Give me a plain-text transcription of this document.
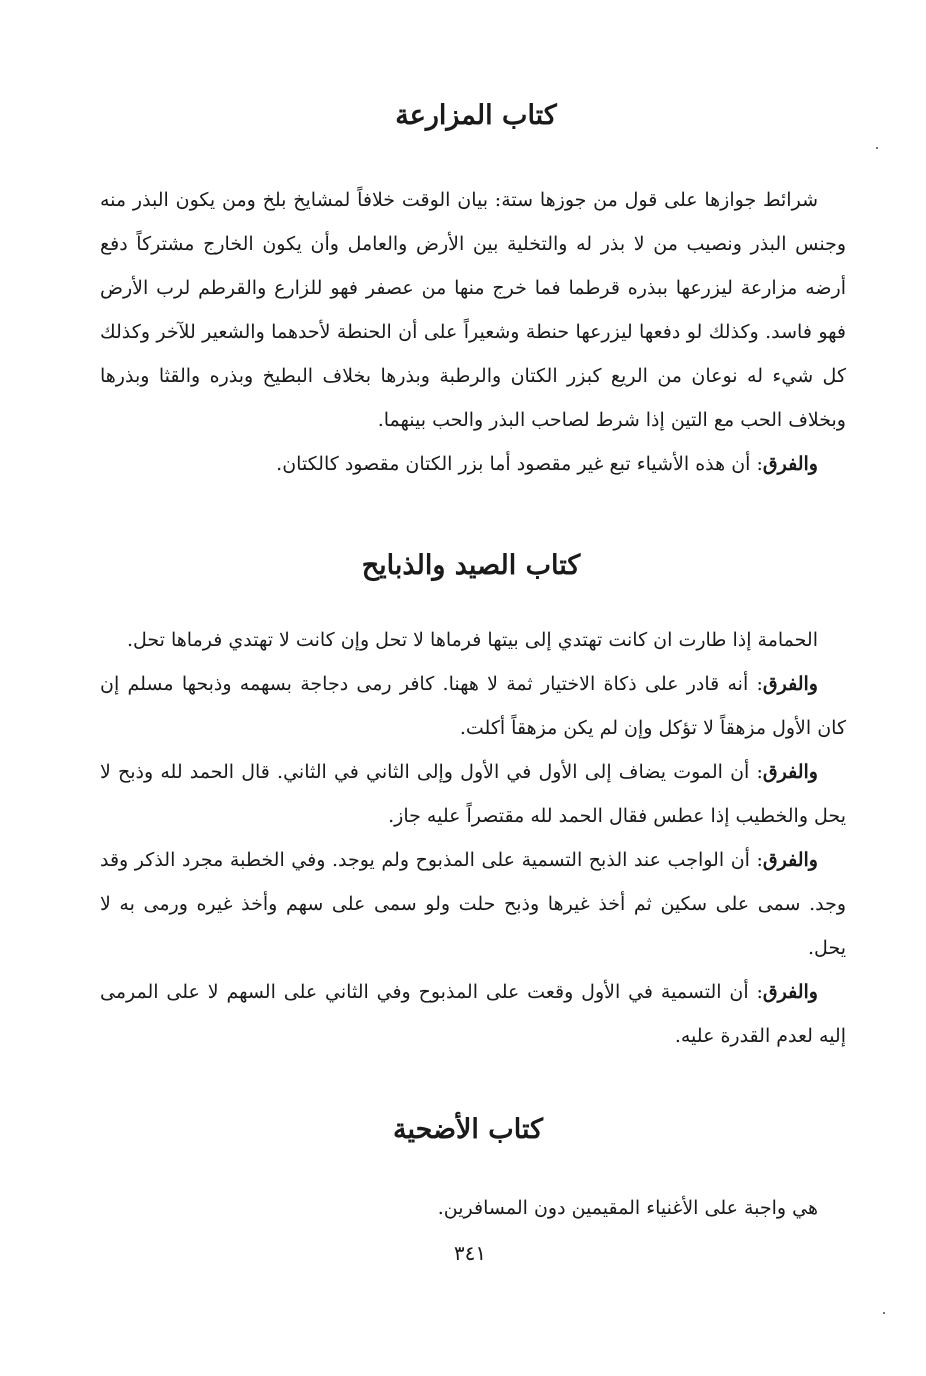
كتاب المزارعة

شرائط جوازها على قول من جوزها ستة: بيان الوقت خلافاً لمشايخ بلخ ومن يكون البذر منه وجنس البذر ونصيب من لا بذر له والتخلية بين الأرض والعامل وأن يكون الخارج مشتركاً دفع أرضه مزارعة ليزرعها ببذره قرطما فما خرج منها من عصفر فهو للزارع والقرطم لرب الأرض فهو فاسد. وكذلك لو دفعها ليزرعها حنطة وشعيراً على أن الحنطة لأحدهما والشعير للآخر وكذلك كل شيء له نوعان من الريع كبزر الكتان والرطبة وبذرها بخلاف البطيخ وبذره والقثا وبذرها وبخلاف الحب مع التين إذا شرط لصاحب البذر والحب بينهما.

والفرق: أن هذه الأشياء تبع غير مقصود أما بزر الكتان مقصود كالكتان.

كتاب الصيد والذبايح

الحمامة إذا طارت ان كانت تهتدي إلى بيتها فرماها لا تحل وإن كانت لا تهتدي فرماها تحل.

والفرق: أنه قادر على ذكاة الاختيار ثمة لا ههنا. كافر رمى دجاجة بسهمه وذبحها مسلم إن كان الأول مزهقاً لا تؤكل وإن لم يكن مزهقاً أكلت.

والفرق: أن الموت يضاف إلى الأول في الأول وإلى الثاني في الثاني. قال الحمد لله وذبح لا يحل والخطيب إذا عطس فقال الحمد لله مقتصراً عليه جاز.

والفرق: أن الواجب عند الذبح التسمية على المذبوح ولم يوجد. وفي الخطبة مجرد الذكر وقد وجد. سمى على سكين ثم أخذ غيرها وذبح حلت ولو سمى على سهم وأخذ غيره ورمى به لا يحل.

والفرق: أن التسمية في الأول وقعت على المذبوح وفي الثاني على السهم لا على المرمى إليه لعدم القدرة عليه.

كتاب الأضحية

هي واجبة على الأغنياء المقيمين دون المسافرين.

٣٤١
